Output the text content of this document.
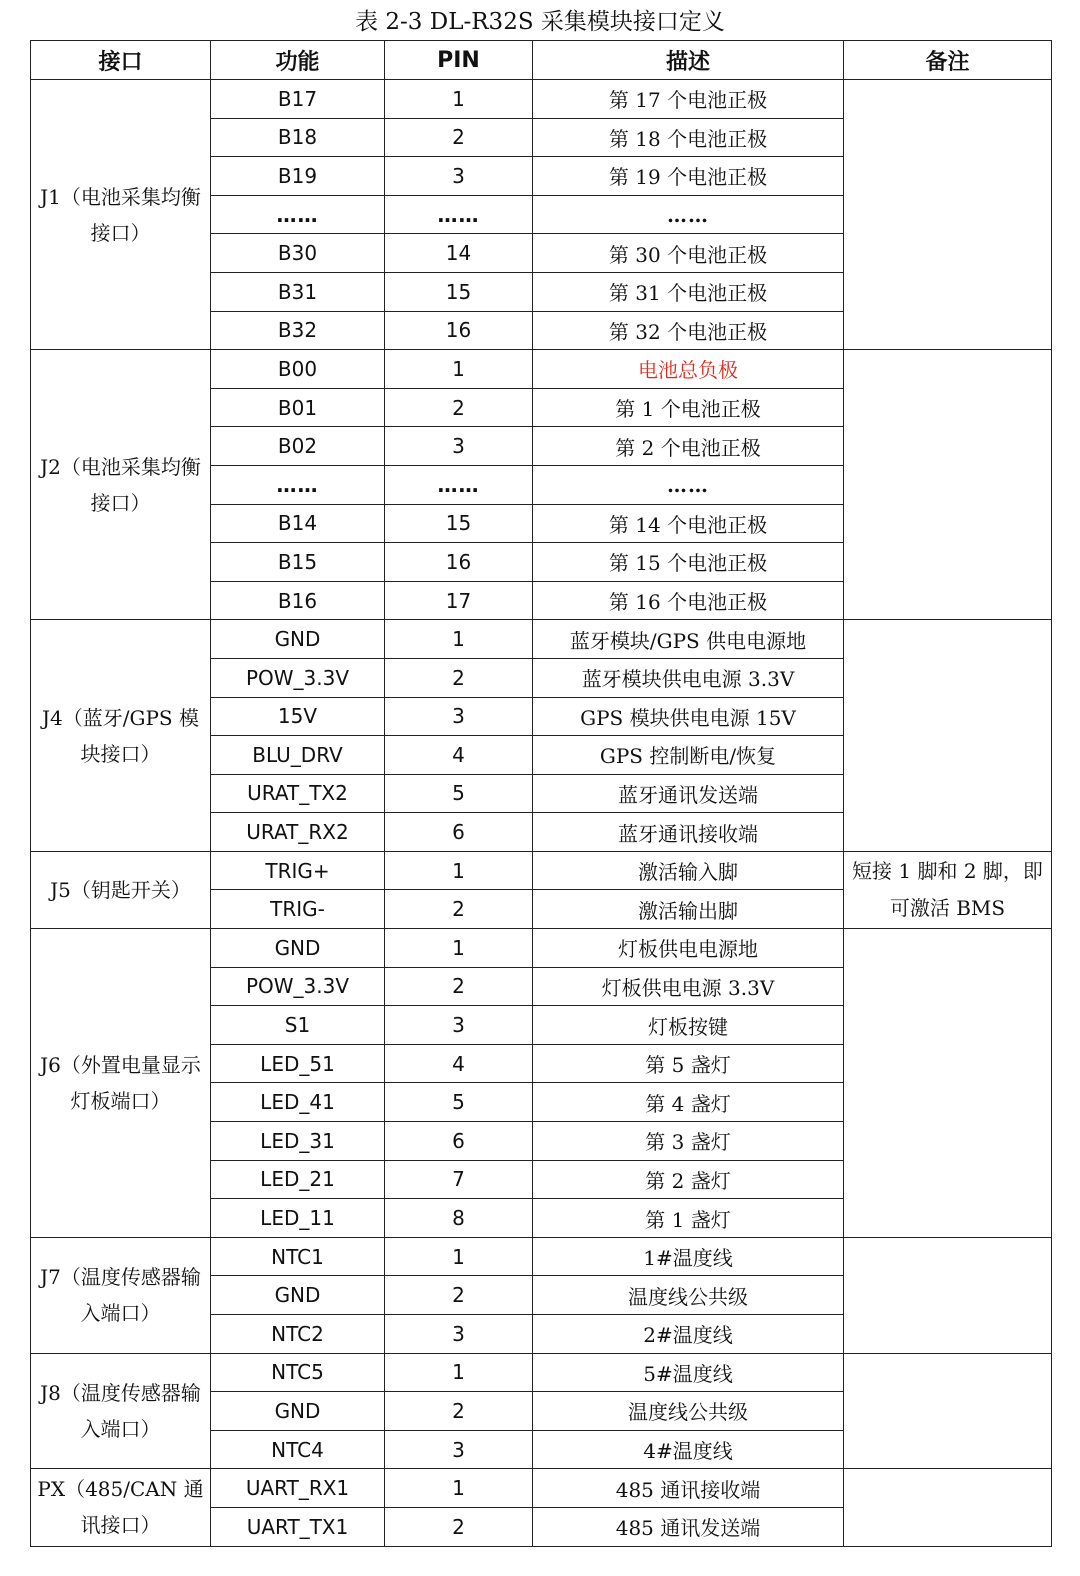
表 2-3 DL-R32S 采集模块接口定义
接口	功能	PIN	描述	备注
J1（电池采集均衡接口）	B17	1	第 17 个电池正极	
	B18	2	第 18 个电池正极	
	B19	3	第 19 个电池正极	
	……	……	……	
	B30	14	第 30 个电池正极	
	B31	15	第 31 个电池正极	
	B32	16	第 32 个电池正极	
J2（电池采集均衡接口）	B00	1	电池总负极	
	B01	2	第 1 个电池正极	
	B02	3	第 2 个电池正极	
	……	……	……	
	B14	15	第 14 个电池正极	
	B15	16	第 15 个电池正极	
	B16	17	第 16 个电池正极	
J4（蓝牙/GPS 模块接口）	GND	1	蓝牙模块/GPS 供电电源地	
	POW_3.3V	2	蓝牙模块供电电源 3.3V	
	15V	3	GPS 模块供电电源 15V	
	BLU_DRV	4	GPS 控制断电/恢复	
	URAT_TX2	5	蓝牙通讯发送端	
	URAT_RX2	6	蓝牙通讯接收端	
J5（钥匙开关）	TRIG+	1	激活输入脚	短接 1 脚和 2 脚，即可激活 BMS
	TRIG-	2	激活输出脚	
J6（外置电量显示灯板端口）	GND	1	灯板供电电源地	
	POW_3.3V	2	灯板供电电源 3.3V	
	S1	3	灯板按键	
	LED_51	4	第 5 盏灯	
	LED_41	5	第 4 盏灯	
	LED_31	6	第 3 盏灯	
	LED_21	7	第 2 盏灯	
	LED_11	8	第 1 盏灯	
J7（温度传感器输入端口）	NTC1	1	1#温度线	
	GND	2	温度线公共级	
	NTC2	3	2#温度线	
J8（温度传感器输入端口）	NTC5	1	5#温度线	
	GND	2	温度线公共级	
	NTC4	3	4#温度线	
PX（485/CAN 通讯接口）	UART_RX1	1	485 通讯接收端	
	UART_TX1	2	485 通讯发送端	
